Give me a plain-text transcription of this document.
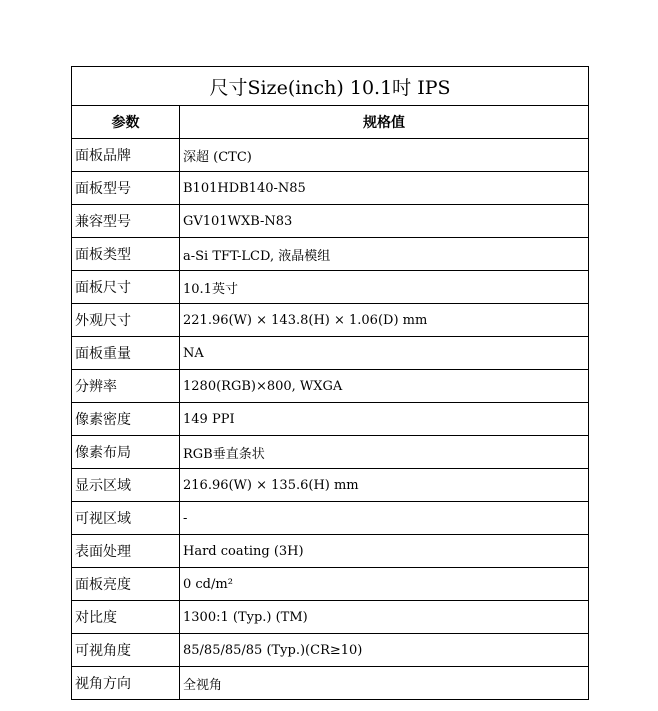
尺寸Size(inch) 10.1吋 IPS	
参数	规格值
面板品牌	深超 (CTC)
面板型号	B101HDB140-N85
兼容型号	GV101WXB-N83
面板类型	a-Si TFT-LCD, 液晶模组
面板尺寸	10.1英寸
外观尺寸	221.96(W) × 143.8(H) × 1.06(D) mm
面板重量	NA
分辨率	1280(RGB)×800, WXGA
像素密度	149 PPI
像素布局	RGB垂直条状
显示区域	216.96(W) × 135.6(H) mm
可视区域	-
表面处理	Hard coating (3H)
面板亮度	0 cd/m²
对比度	1300:1 (Typ.) (TM)
可视角度	85/85/85/85 (Typ.)(CR≥10)
视角方向	全视角
